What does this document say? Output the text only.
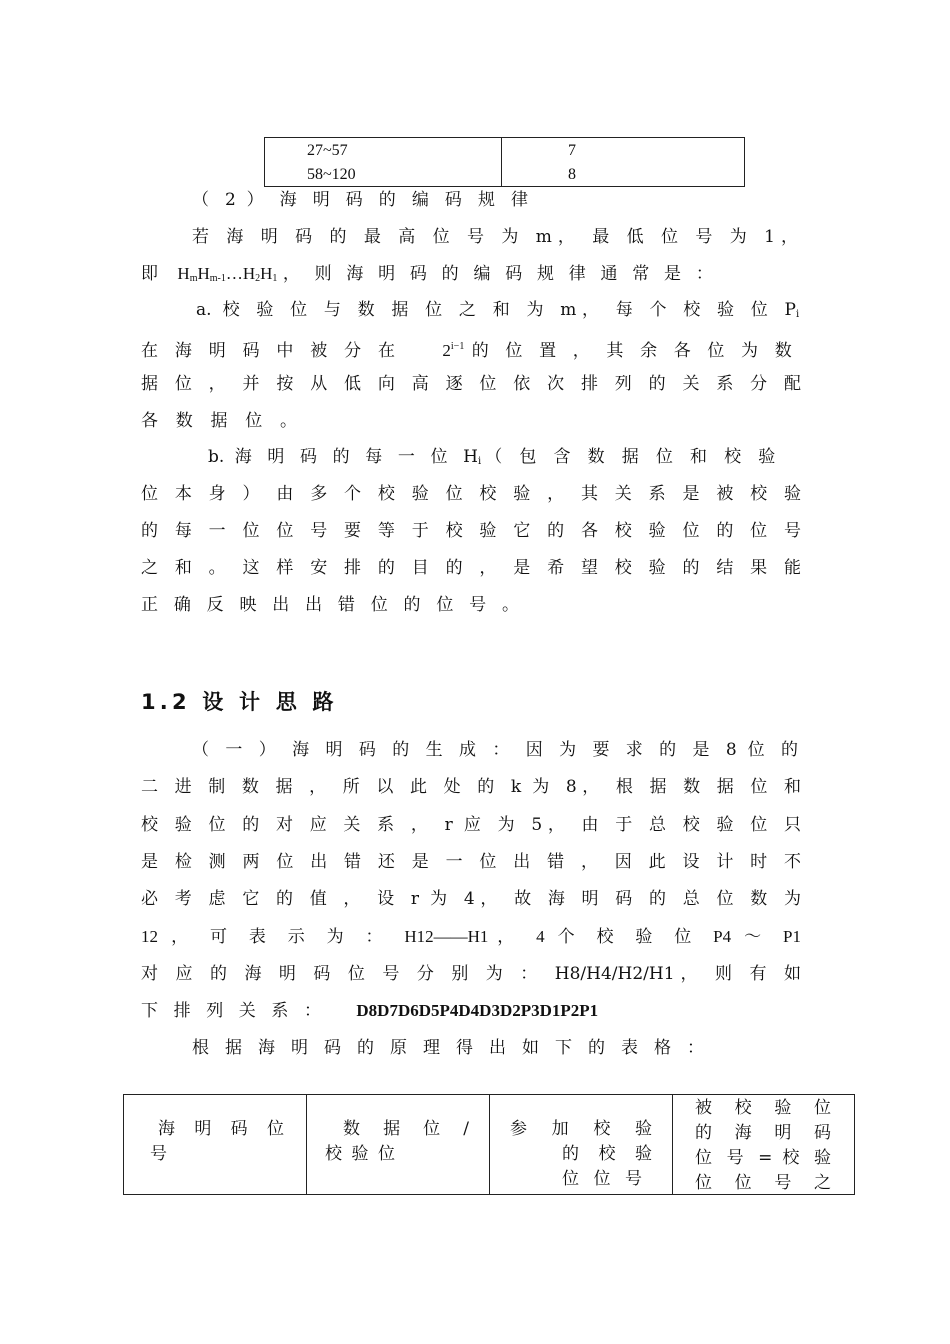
27~57
58~120
7
8
（ 2 ） 海 明 码 的 编 码 规 律
若 海 明 码 的 最 高 位 号 为 m， 最 低 位 号 为 1，
即 $H_mH_{m-1}\dots H_2H_1$ ， 则 海 明 码 的 编 码 规 律 通 常 是 ：
a. 校 验 位 与 数 据 位 之 和 为 m， 每 个 校 验 位 $P_i$
在 海 明 码 中 被 分 在	$2^{i-1}$ 的 位 置 ， 其 余 各 位 为 数
据 位 ， 并 按 从 低 向 高 逐 位 依 次 排 列 的 关 系 分 配
各 数 据 位 。
b. 海 明 码 的 每 一 位 $H_i$ （ 包 含 数 据 位 和 校 验
位 本 身 ） 由 多 个 校 验 位 校 验 ， 其 关 系 是 被 校 验
的 每 一 位 位 号 要 等 于 校 验 它 的 各 校 验 位 的 位 号
之 和 。 这 样 安 排 的 目 的 ， 是 希 望 校 验 的 结 果 能
正 确 反 映 出 出 错 位 的 位 号 。
1.2 设 计 思 路
（ 一 ） 海 明 码 的 生 成 ： 因 为 要 求 的 是 8 位 的
二 进 制 数 据 ， 所 以 此 处 的 k 为 8， 根 据 数 据 位 和
校 验 位 的 对 应 关 系 ， r 应 为 5， 由 于 总 校 验 位 只
是 检 测 两 位 出 错 还 是 一 位 出 错 ， 因 此 设 计 时 不
必 考 虑 它 的 值 ， 设 r 为 4， 故 海 明 码 的 总 位 数 为
12 ， 可 表 示 为 ： H12——H1， 4 个 校 验 位 P4 ～ P1
对 应 的 海 明 码 位 号 分 别 为 ： H8/H4/H2/H1， 则 有 如
下 排 列 关 系 ： D8D7D6D5P4D4D3D2P3D1P2P1
根 据 海 明 码 的 原 理 得 出 如 下 的 表 格 ：
海 明 码 位
号
数 据 位 /
校 验 位
参 加 校 验
的 校 验
位 位 号
被 校 验 位
的 海 明 码
位 号 = 校 验
位 位 号 之
